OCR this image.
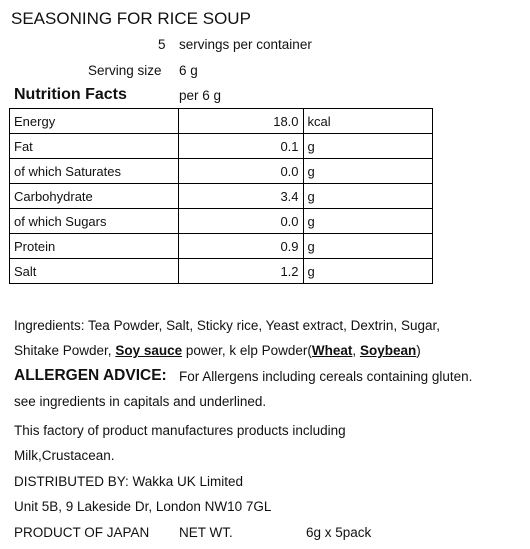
SEASONING FOR RICE SOUP
5 servings per container
Serving size 6 g
Nutrition Facts	per 6 g
Energy	18.0	kcal
Fat	0.1	g
of which Saturates	0.0	g
Carbohydrate	3.4	g
of which Sugars	0.0	g
Protein	0.9	g
Salt	1.2	g
Ingredients: Tea Powder, Salt, Sticky rice, Yeast extract, Dextrin, Sugar,
Shitake Powder, Soy sauce power, k elp Powder(Wheat, Soybean)
ALLERGEN ADVICE: For Allergens including cereals containing gluten.
see ingredients in capitals and underlined.
This factory of product manufactures products including
Milk,Crustacean.
DISTRIBUTED BY: Wakka UK Limited
Unit 5B, 9 Lakeside Dr, London NW10 7GL
PRODUCT OF JAPAN NET WT.	6g x 5pack
